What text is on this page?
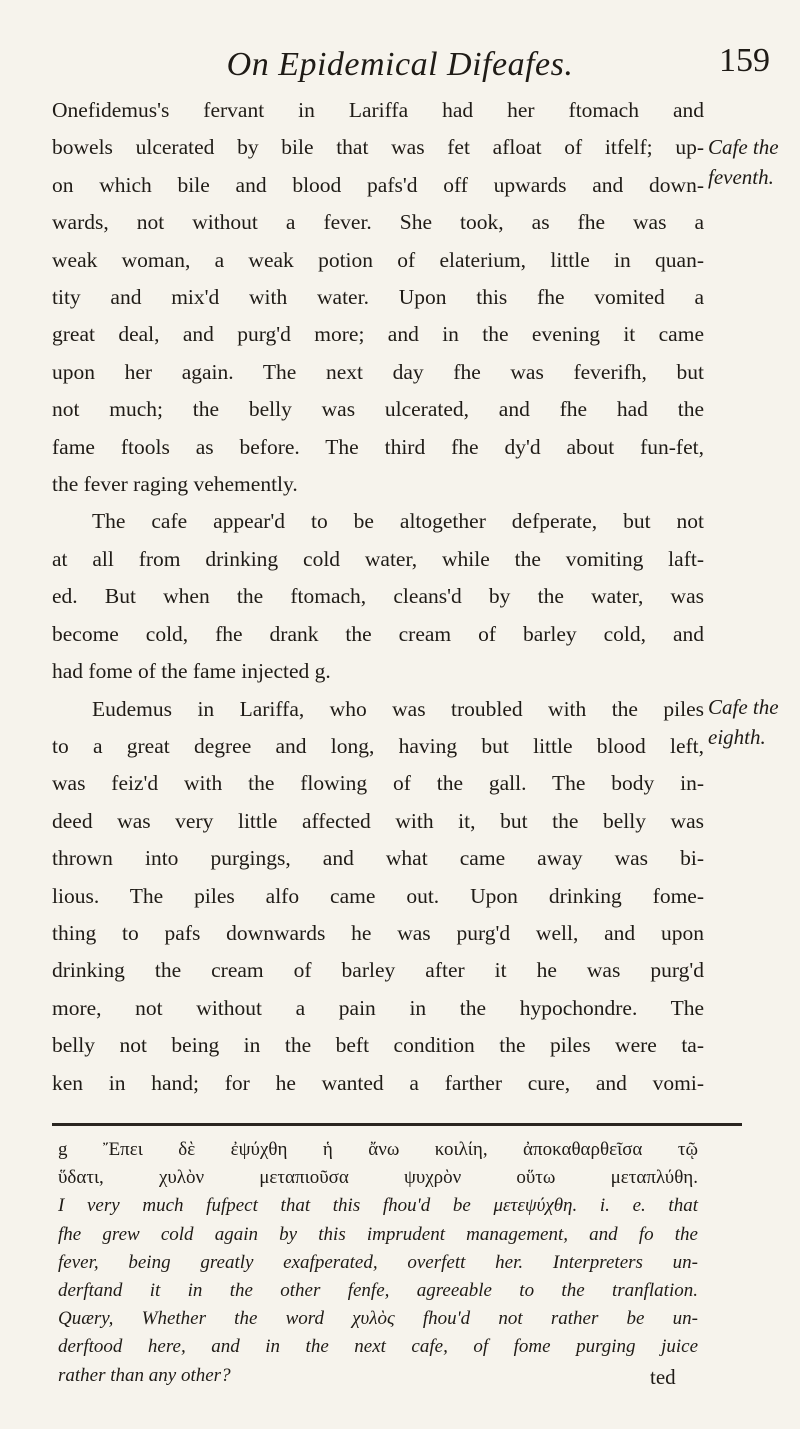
On Epidemical Difeafes.	159
Onefidemus's fervant in Lariffa had her ftomach and
bowels ulcerated by bile that was fet afloat of itfelf; up-
on which bile and blood pafs'd off upwards and down-
wards, not without a fever. She took, as fhe was a
weak woman, a weak potion of elaterium, little in quan-
tity and mix'd with water. Upon this fhe vomited a
great deal, and purg'd more; and in the evening it came
upon her again. The next day fhe was feverifh, but
not much; the belly was ulcerated, and fhe had the
fame ftools as before. The third fhe dy'd about fun-fet,
the fever raging vehemently.
The cafe appear'd to be altogether defperate, but not
at all from drinking cold water, while the vomiting laft-
ed. But when the ftomach, cleans'd by the water, was
become cold, fhe drank the cream of barley cold, and
had fome of the fame injected g.
Eudemus in Lariffa, who was troubled with the piles
to a great degree and long, having but little blood left,
was feiz'd with the flowing of the gall. The body in-
deed was very little affected with it, but the belly was
thrown into purgings, and what came away was bi-
lious. The piles alfo came out. Upon drinking fome-
thing to pafs downwards he was purg'd well, and upon
drinking the cream of barley after it he was purg'd
more, not without a pain in the hypochondre. The
belly not being in the beft condition the piles were ta-
ken in hand; for he wanted a farther cure, and vomi-
Cafe the feventh.
Cafe the eighth.
g Ἔπει δὲ ἐψύχθη ἡ ἄνω κοιλίη, ἀποκαθαρθεῖσα τῷ
ὕδατι, χυλὸν μεταπιοῦσα ψυχρὸν οὕτω μεταπλύθη.
I very much fufpect that this fhou'd be μετεψύχθη. i. e. that
fhe grew cold again by this imprudent management, and fo the
fever, being greatly exafperated, overfett her. Interpreters un-
derftand it in the other fenfe, agreeable to the tranflation.
Quæry, Whether the word χυλὸς fhou'd not rather be un-
derftood here, and in the next cafe, of fome purging juice
rather than any other?	ted
